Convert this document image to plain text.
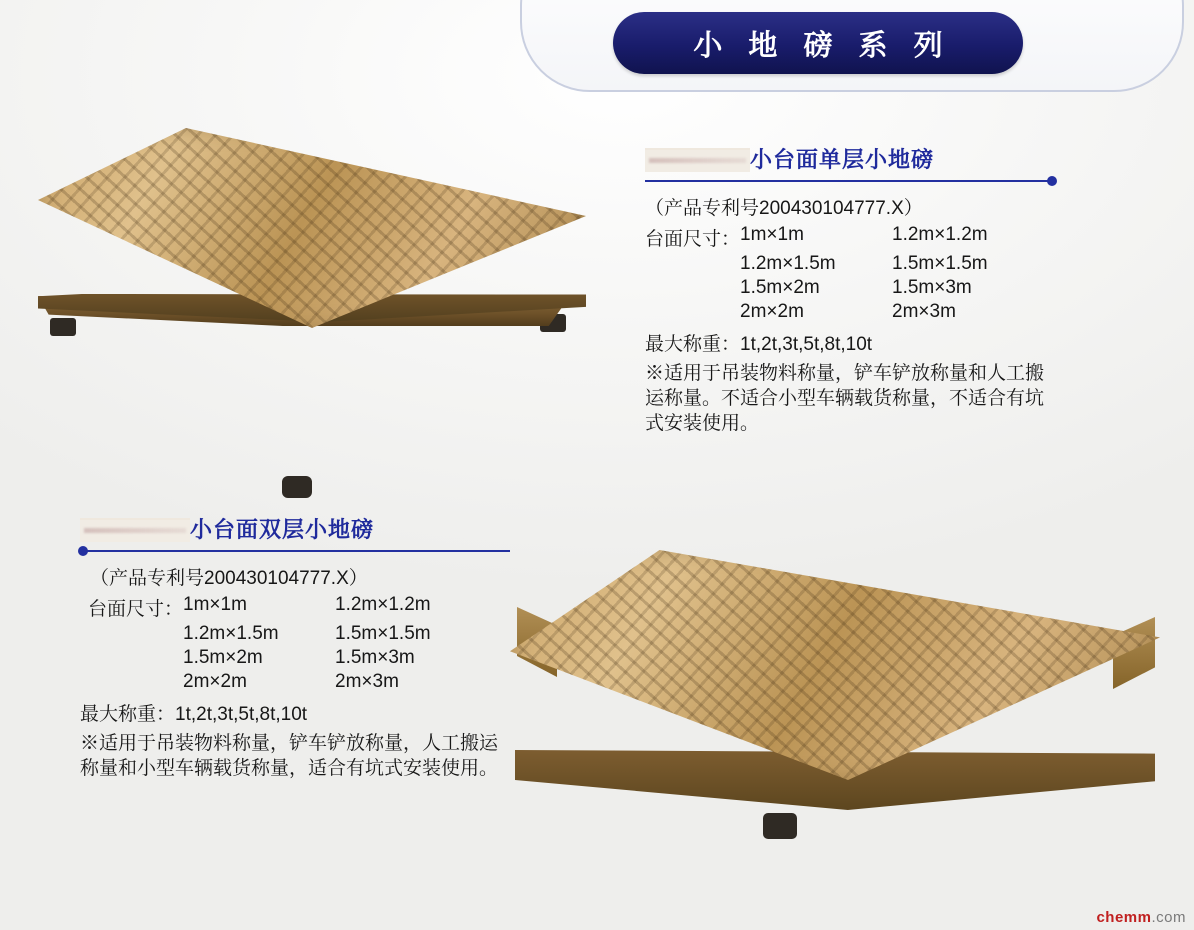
小 地 磅 系 列
小台面单层小地磅
（产品专利号200430104777.X）
台面尺寸：	1m×1m	1.2m×1.2m
	1.2m×1.5m	1.5m×1.5m
	1.5m×2m	1.5m×3m
	2m×2m	2m×3m
最大称重：1t,2t,3t,5t,8t,10t
※适用于吊装物料称量，铲车铲放称量和人工搬运称量。不适合小型车辆载货称量，不适合有坑式安装使用。
小台面双层小地磅
（产品专利号200430104777.X）
台面尺寸：	1m×1m	1.2m×1.2m
	1.2m×1.5m	1.5m×1.5m
	1.5m×2m	1.5m×3m
	2m×2m	2m×3m
最大称重：1t,2t,3t,5t,8t,10t
※适用于吊装物料称量，铲车铲放称量，人工搬运称量和小型车辆载货称量，适合有坑式安装使用。
chemm.com
